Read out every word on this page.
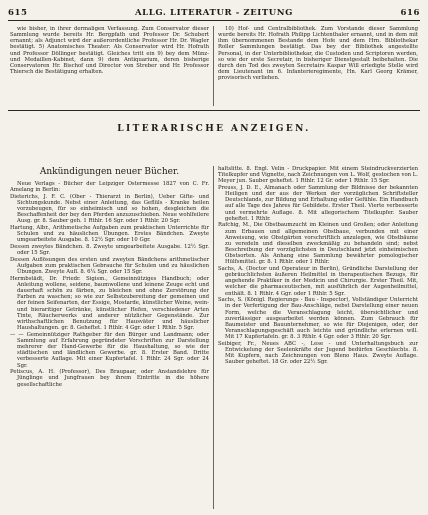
615	ALLG. LITERATUR - ZEITUNG	616

wie bisher, in ihrer dermaligen Verfassung. Zum Conservator dieser Sammlung wurde bereits Hr. Bergpfath und Professor Dr. Schubert ernannt; als Adjunct wird der außerordentliche Professor Hr. Dr. Wagler bestätigt. 5) Anatomisches Theater: Als Conservator wird Hr. Hofrath und Professor Döllinger bestätigt. Gleiches tritt ein 9) bey dem Münz- und Medaillen-Kabinet, dann 9) dem Antiquarium, deren bisherige Conservatoren Hr. Bischof und Director von Streber und Hr. Professor Thiersch die Bestätigung erhalten.

10) Hof- und Centralbibliothek. Zum Vorstande dieser Sammlung wurde bereits Hr. Hofrath Philipp Lichtenthaler ernannt, und in dem mit ihm übernommenen Bestande dem Hofe und dem Hrn. Bibliothekar Roller Sammlungen bestätigt. Das bey der Bibliothek angestellte Personal, in der Unterbibliothekar, die Custoden und Scriptoren werden, so wie der erste Secretair, in bisheriger Dienstgestalt beibehalten. Die durch den Tod des zweyten Secretairs Kaspar Will erledigte Stelle wird dem Lieutenant im 6. Infanterieregimente, Hn. Karl Georg Krämer, provisorisch verliehen.

LITERARISCHE ANZEIGEN.

Ankündigungen neuer Bücher.

Neue Verlags - Bücher der Leipziger Ostermesse 1827 von C. Fr. Amelang in Berlin:

Dieterichs, J. F. C. (Ober - Thierarzt in Berlin), Ueber Gifte- und Sichtungskunde. Nebst einer Anleitung, das Geflüls - Kranke heilen vorzubeugen, für so einheimisch und so hohen, desgleichen die Beschaffenheit der bey den Pferden anzuzuschieben. Neue wohlfeilere Ausg. gr. 8. Sauber geh. 1 Rthlr. 16 Sgr. oder 1 Rthlr. 20 Sgr.

Hartung, Albr., Arithmetische Aufgaben zum praktischen Unterrichte für Schulen und zu häuslichen Übungen. Erstes Bändchen. Zweyte umgearbeitete Ausgabe. 8. 12½ Sgr. oder 10 Ggr.

Dessen zweytes Bändchen. 8. Zweyte umgearbeitete Ausgabe. 12½ Sgr. oder 15 Sgr.

Dessen Auflösungen des ersten und zweyten Bändchens arithmetischer Aufgaben zum praktischen Gebrauche für Schulen und zu häuslichen Übungen. Zweyte Aufl. 8. 6¼ Sgr. oder 15 Sgr.

Hermbstädt, Dr. Friedr. Sigism., Gemeinnütziges Handbuch; oder Anleitung wollene, seidene, baumwollene und leinene Zeuge echt und dauerhaft schön zu färben, zu bleichen und ohne Zerstörung der Farben zu waschen; so wie zur Selbstzubereitung der gemeinen und der feinen Seifenarten, der Essige, Mostarde, künstlicher Weine, wein- und bieraritiger Getränke, künstlicher Hefen, verschiedener Arten Tinte, Räucherwerks und anderer nützlicher Gegenstände. Zur wirthschaftlichen Benutzung für Hausväter und häuslicher Haushaltungen. gr. 8. Geheftet. 1 Rthlr. 4 Ggr. oder 1 Rthlr. 5 Sgr.

— — Gemeinnütziger Rathgeber für den Bürger und Landmann; oder Sammlung auf Erfahrung gegründeter Vorschriften zur Darstellung mehrerer der Hand-Gewerbe für die Haushaltung, so wie der städtischen und ländlichen Gewerbe. gr. 8. Erster Band. Dritte verbesserte Auflage. Mit einer Kupfertafel. 1 Rthlr. 24 Sgr. oder 24 Sgr.

Petiscus, A. H. (Professor), Des Braupaar, oder Anstandslehre für Jünglinge und Jungfrauen bey ihrem Eintritte in die höhere gesellschaftliche

haltslitte. 8. Engl. Velin - Druckpapier. Mit einem Steindruckverzierten Titelkupfer und Vignette, nach Zeichnungen von L. Wolf, gestochen von L. Meyer jun. Sauber geheftet. 1 Rthlr. 12 Gr. oder 1 Rthlr. 15 Sgr.

Preuss, J. D. E., Almanach oder Sammlung der Bildnisse der bekannten Heiligen und der aus der Werken der vorzüglichen Schriftsteller Deutschlands, zur Bildung und Erhaltung edler Gefühle. Ein Handbuch auf alle Tage des Jahres für Gebildete. Erster Theil. Vierte verbesserte und vermehrte Auflage. 8. Mit allegorischem Titelkupfer. Sauber geheftet. 1 Rthlr.

Rafchig, M., Die Obstbaumzucht im Kleinen und Großen; oder Anleitung zum Erbauen und allgemeinen Obstbaue, verbunden mit einer Anweisung, wie Obstgärten vorschriftlich anzulegen, wie Obstbäume zu veredeln und dieselben zweckmäßig zu behandeln sind; nebst Beschreibung der vorzüglichsten in Deutschland jetzt einheimischen Obstsorten. Als Anhang eine Sammlung bewährter pomologischer Hülfsmittel. gr. 8. 1 Rthlr. oder 1 Rthlr.

Sachs, A. (Doctor und Operateur in Berlin), Gründliche Darstellung der gebräuchlichsten äußeren Heilmittel in therapeutischen Bezugs, für angehende Praktiker in der Medicin und Chirurgie. Erster Theil. Mit, welcher die pharmaceutischen, mit ausführlich der Augenheilmittel, enthält. 8. 1 Rthlr. 4 Ggr. oder 1 Rthlr. 5 Sgr.

Sachs, S. (Königl. Regierungs - Bau - Inspector), Vollständiger Unterricht in der Verfertigung der Bau-Anschläge, nebst Darstellung einer neuen Form, welche die Veranschlagung leicht, übersichtlicher und zuverlässiger ausgearbeitet werden können. Zum Gebrauch für Baumeister und Bauunternehmer, so wie für Diejenigen, oder, der Veranschlagungsgeschäft auch leichte und gründliche erlernen will. Mit 17 Kupfertafeln. gr. 8. 3 Rthlr. 4 Ggr. oder 3 Rthlr. 20 Sgr.

Seibiger, Fr., Neues ABC -, Lese - und Unterhaltungsbuch zur Entwickelung der Seelenkräfte der Jugend bedürfen Geschlechts. 8. Mit Kupfern, nach Zeichnungen von Bleno Haus. Zweyte Auflage. Sauber geheftet. 18 Gr. oder 22½ Sgr.
